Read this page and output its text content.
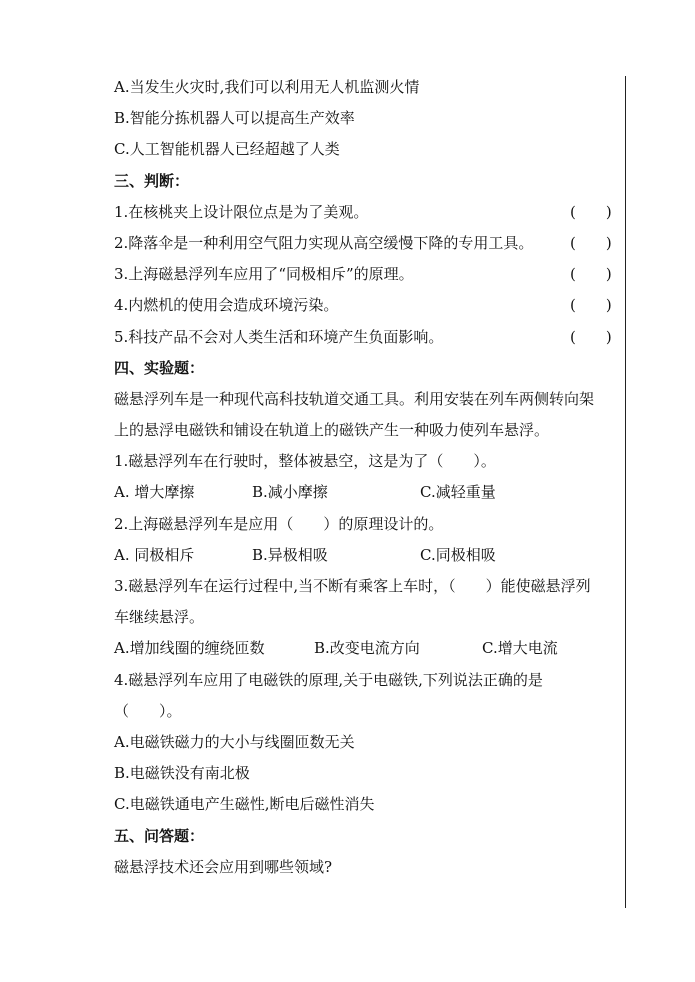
A.当发生火灾时,我们可以利用无人机监测火情
B.智能分拣机器人可以提高生产效率
C.人工智能机器人已经超越了人类
三、判断：
1.在核桃夹上设计限位点是为了美观。	(　　)
2.降落伞是一种利用空气阻力实现从高空缓慢下降的专用工具。 (　　)
3.上海磁悬浮列车应用了“同极相斥”的原理。	(　　)
4.内燃机的使用会造成环境污染。	(　　)
5.科技产品不会对人类生活和环境产生负面影响。	(　　)
四、实验题：
磁悬浮列车是一种现代高科技轨道交通工具。利用安装在列车两侧转向架
上的悬浮电磁铁和铺设在轨道上的磁铁产生一种吸力使列车悬浮。
1.磁悬浮列车在行驶时，整体被悬空，这是为了（　　）。
A. 增大摩擦	B.减小摩擦	C.减轻重量
2.上海磁悬浮列车是应用（　　）的原理设计的。
A. 同极相斥	B.异极相吸	C.同极相吸
3.磁悬浮列车在运行过程中,当不断有乘客上车时，（　　）能使磁悬浮列
车继续悬浮。
A.增加线圈的缠绕匝数	B.改变电流方向	C.增大电流
4.磁悬浮列车应用了电磁铁的原理,关于电磁铁,下列说法正确的是
（　　）。
A.电磁铁磁力的大小与线圈匝数无关
B.电磁铁没有南北极
C.电磁铁通电产生磁性,断电后磁性消失
五、问答题：
磁悬浮技术还会应用到哪些领域?
